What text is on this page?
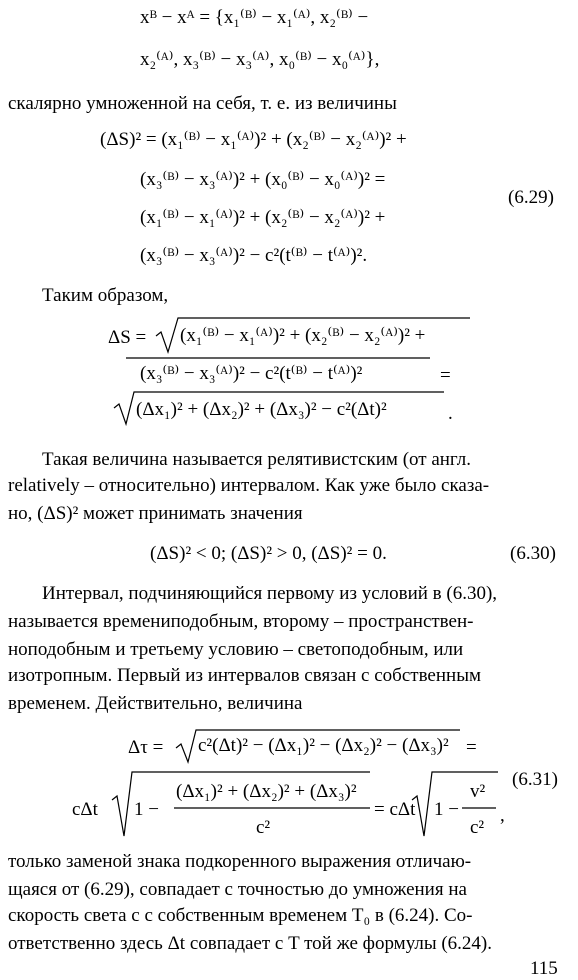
xᴮ − xᴬ = {x₁⁽ᴮ⁾ − x₁⁽ᴬ⁾, x₂⁽ᴮ⁾ −
x₂⁽ᴬ⁾, x₃⁽ᴮ⁾ − x₃⁽ᴬ⁾, x₀⁽ᴮ⁾ − x₀⁽ᴬ⁾},
скалярно умноженной на себя, т. е. из величины
(ΔS)² = (x₁⁽ᴮ⁾ − x₁⁽ᴬ⁾)² + (x₂⁽ᴮ⁾ − x₂⁽ᴬ⁾)² +
(x₃⁽ᴮ⁾ − x₃⁽ᴬ⁾)² + (x₀⁽ᴮ⁾ − x₀⁽ᴬ⁾)² =
(x₁⁽ᴮ⁾ − x₁⁽ᴬ⁾)² + (x₂⁽ᴮ⁾ − x₂⁽ᴬ⁾)² +
(x₃⁽ᴮ⁾ − x₃⁽ᴬ⁾)² − c²(t⁽ᴮ⁾ − t⁽ᴬ⁾)².
(6.29)
Таким образом,
ΔS = (x₁⁽ᴮ⁾ − x₁⁽ᴬ⁾)² + (x₂⁽ᴮ⁾ − x₂⁽ᴬ⁾)² +
(x₃⁽ᴮ⁾ − x₃⁽ᴬ⁾)² − c²(t⁽ᴮ⁾ − t⁽ᴬ⁾)²	=
(Δx₁)² + (Δx₂)² + (Δx₃)² − c²(Δt)²	.
Такая величина называется релятивистским (от англ.
relatively – относительно) интервалом. Как уже было сказа-
но, (ΔS)² может принимать значения
(ΔS)² < 0; (ΔS)² > 0, (ΔS)² = 0.	(6.30)
Интервал, подчиняющийся первому из условий в (6.30),
называется времениподобным, второму – пространствен-
ноподобным и третьему условию – светоподобным, или
изотропным. Первый из интервалов связан с собственным
временем. Действительно, величина
Δτ = c²(Δt)² − (Δx₁)² − (Δx₂)² − (Δx₃)² =
cΔt 1 −
(Δx₁)² + (Δx₂)² + (Δx₃)²
c²
= cΔt 1 −
v²
c²
,
(6.31)
только заменой знака подкоренного выражения отличаю-
щаяся от (6.29), совпадает с точностью до умножения на
скорость света c с собственным временем T₀ в (6.24). Со-
ответственно здесь Δt совпадает с T той же формулы (6.24).
115
